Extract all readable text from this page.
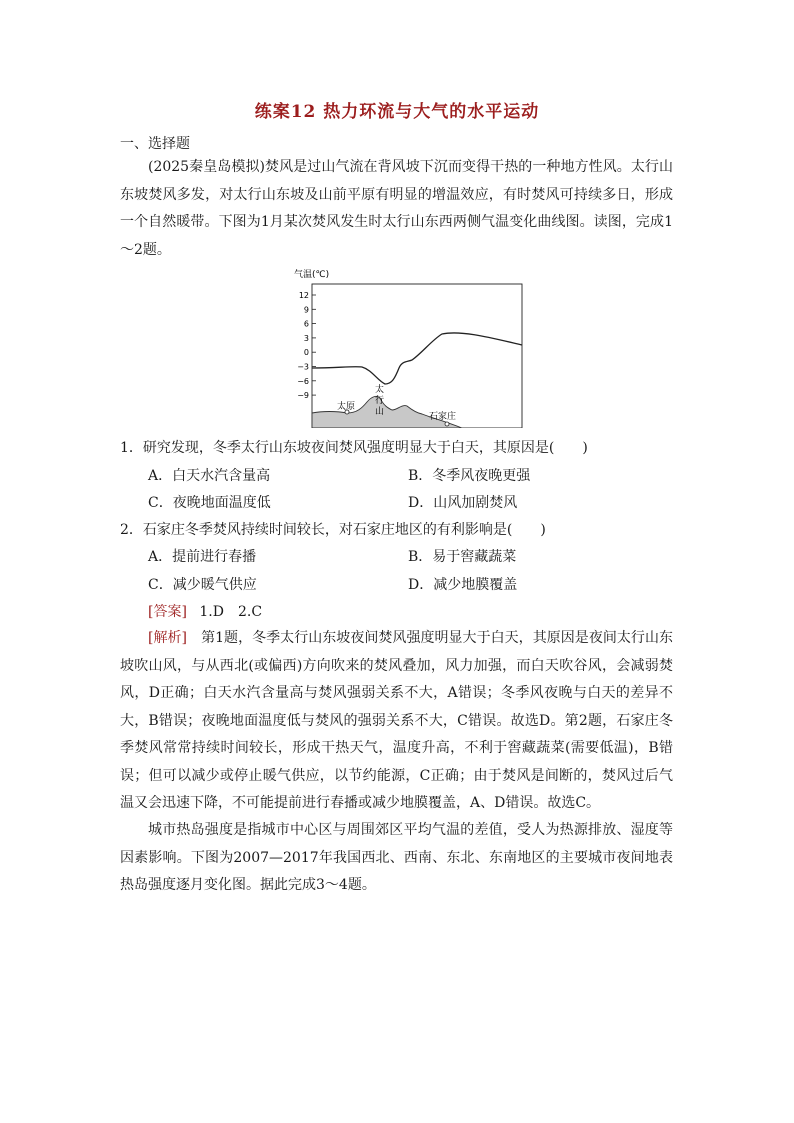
练案12 热力环流与大气的水平运动
一、选择题

(2025秦皇岛模拟)焚风是过山气流在背风坡下沉而变得干热的一种地方性风。太行山东坡焚风多发，对太行山东坡及山前平原有明显的增温效应，有时焚风可持续多日，形成一个自然暖带。下图为1月某次焚风发生时太行山东西两侧气温变化曲线图。读图，完成1～2题。

气温(℃)
12
9
6
3
0
−3
−6
−9
太原
太
行
山	石家庄
1．研究发现，冬季太行山东坡夜间焚风强度明显大于白天，其原因是(　　)
A．白天水汽含量高	B．冬季风夜晚更强
C．夜晚地面温度低	D．山风加剧焚风
2．石家庄冬季焚风持续时间较长，对石家庄地区的有利影响是(　　)
A．提前进行春播	B．易于窖藏蔬菜
C．减少暖气供应	D．减少地膜覆盖
[答案] 1.D　2.C

[解析]　 第1题，冬季太行山东坡夜间焚风强度明显大于白天，其原因是夜间太行山东坡吹山风，与从西北(或偏西)方向吹来的焚风叠加，风力加强，而白天吹谷风，会减弱焚风，D正确；白天水汽含量高与焚风强弱关系不大，A错误；冬季风夜晚与白天的差异不大，B错误；夜晚地面温度低与焚风的强弱关系不大，C错误。故选D。第2题，石家庄冬季焚风常常持续时间较长，形成干热天气，温度升高，不利于窖藏蔬菜(需要低温)，B错误；但可以减少或停止暖气供应，以节约能源，C正确；由于焚风是间断的，焚风过后气温又会迅速下降，不可能提前进行春播或减少地膜覆盖，A、D错误。故选C。

城市热岛强度是指城市中心区与周围郊区平均气温的差值，受人为热源排放、湿度等因素影响。下图为2007—2017年我国西北、西南、东北、东南地区的主要城市夜间地表热岛强度逐月变化图。据此完成3～4题。
